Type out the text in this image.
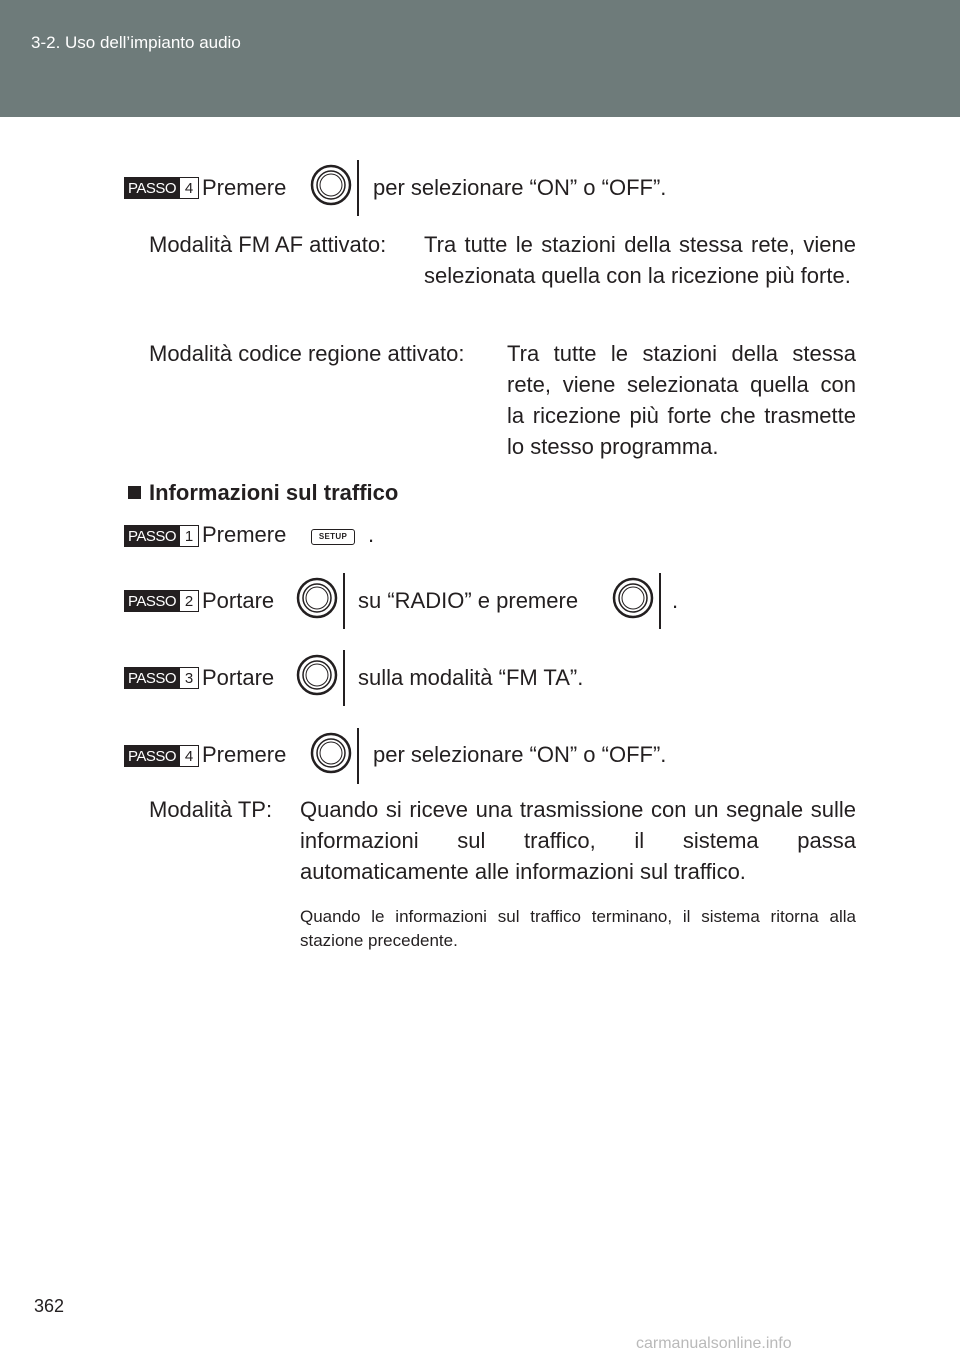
3-2. Uso dell’impianto audio
PASSO 4 Premere	per selezionare “ON” o “OFF”.
Modalità FM AF attivato: Tra tutte le stazioni della stessa rete, viene selezionata quella con la ricezione più forte.
Modalità codice regione attivato: Tra tutte le stazioni della stessa rete, viene selezionata quella con la ricezione più forte che trasmette lo stesso programma.
Informazioni sul traffico
PASSO 1 Premere	SETUP .
PASSO 2 Portare	su “RADIO” e premere	.
PASSO 3 Portare	sulla modalità “FM TA”.
PASSO 4 Premere	per selezionare “ON” o “OFF”.
Modalità TP: Quando si riceve una trasmissione con un segnale sulle informazioni sul traffico, il sistema passa automaticamente alle informazioni sul traffico.
Quando le informazioni sul traffico terminano, il sistema ritorna alla stazione precedente.
362
carmanualsonline.info
